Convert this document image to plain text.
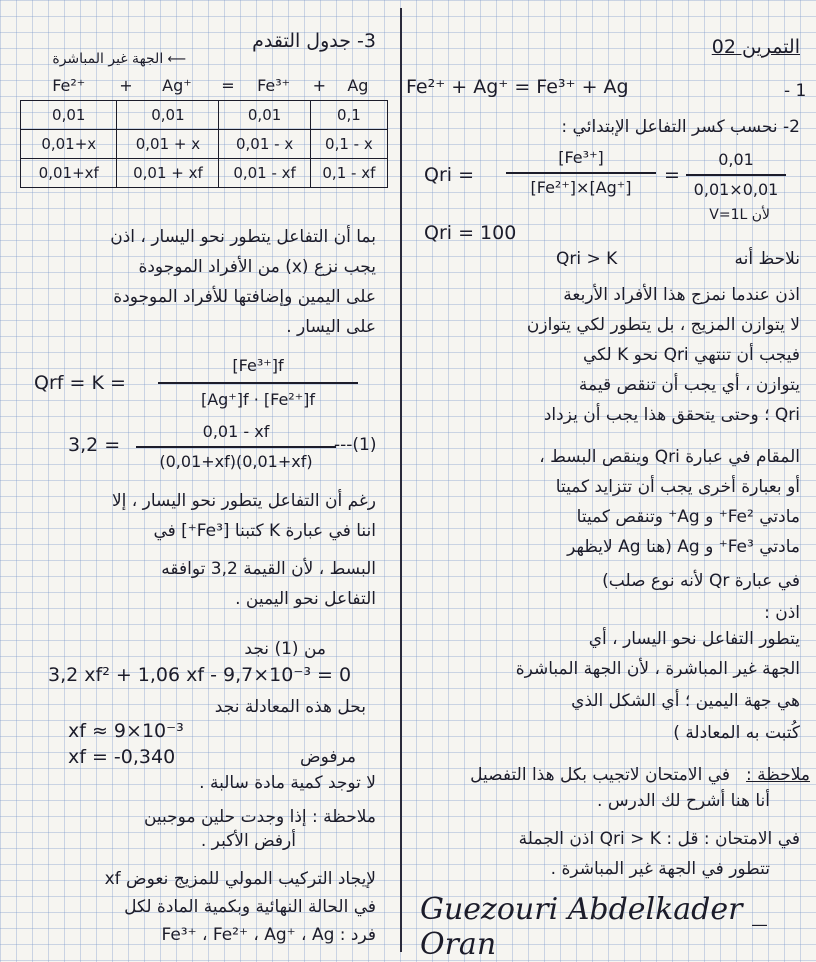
التمرين 02
- 1
Fe²⁺ + Ag⁺ = Fe³⁺ + Ag
2- نحسب كسر التفاعل الإبتدائي :
Qri =
[Fe³⁺]
[Fe²⁺]×[Ag⁺]
=
0,01
0,01×0,01
لأن V=1L
Qri = 100
Qri > K	نلاحظ أنه
اذن عندما نمزج هذا الأفراد الأربعة
لا يتوازن المزيج ، بل يتطور لكي يتوازن
فيجب أن تنتهي Qri نحو K لكي
يتوازن ، أي يجب أن تنقص قيمة
Qri ؛ وحتى يتحقق هذا يجب أن يزداد
المقام في عبارة Qri وينقص البسط ،
أو بعبارة أخرى يجب أن تتزايد كميتا
مادتي Fe²⁺ و Ag⁺ وتنقص كميتا
مادتي Fe³⁺ و Ag (هنا Ag لايظهر
في عبارة Qr لأنه نوع صلب)
اذن :
يتطور التفاعل نحو اليسار ، أي
الجهة غير المباشرة ، لأن الجهة المباشرة
هي جهة اليمين ؛ أي الشكل الذي
كُتبت به المعادلة )
ملاحظة :
في الامتحان لاتجيب بكل هذا التفصيل
أنا هنا أشرح لك الدرس .
في الامتحان : قل : Qri > K اذن الجملة
تتطور في الجهة غير المباشرة .
Guezouri Abdelkader _ Oran
3- جدول التقدم
⟵ الجهة غير المباشرة
Fe²⁺	+	Ag⁺	=	Fe³⁺	+	Ag
0,01	0,01		0,01		0,1	
0,01+x	0,01 + x		0,01 - x		0,1 - x	
0,01+xf	0,01 + xf		0,01 - xf		0,1 - xf	
بما أن التفاعل يتطور نحو اليسار ، اذن
يجب نزع (x) من الأفراد الموجودة
على اليمين وإضافتها للأفراد الموجودة
على اليسار .
Qrf = K =
[Fe³⁺]f
[Ag⁺]f · [Fe²⁺]f
3,2 =
0,01 - xf
(0,01+xf)(0,01+xf)
---(1)
رغم أن التفاعل يتطور نحو اليسار ، إلا
اننا في عبارة K كتبنا [Fe³⁺] في
البسط ، لأن القيمة 3,2 توافقه
التفاعل نحو اليمين .
من (1) نجد
3,2 xf² + 1,06 xf - 9,7×10⁻³ = 0
بحل هذه المعادلة نجد
xf ≈ 9×10⁻³
xf = -0,340	مرفوض
لا توجد كمية مادة سالبة .
ملاحظة : إذا وجدت حلين موجبين
أرفض الأكبر .
لإيجاد التركيب المولي للمزيج نعوض xf
في الحالة النهائية وبكمية المادة لكل
فرد : Fe³⁺ ، Fe²⁺ ، Ag⁺ ، Ag
